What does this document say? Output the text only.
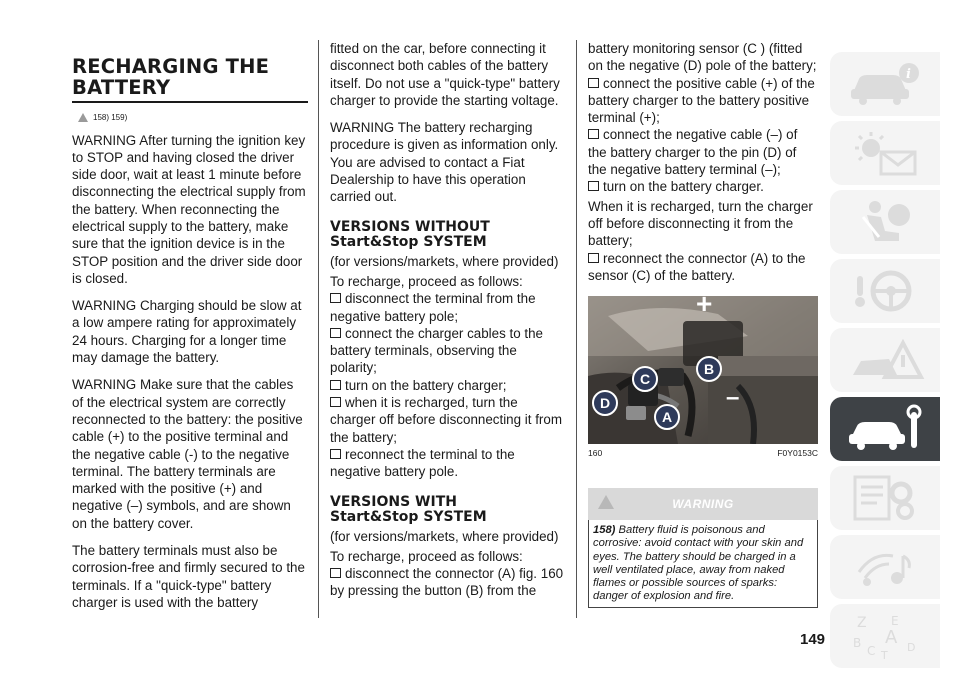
RECHARGING THE BATTERY
158) 159)

WARNING After turning the ignition key to STOP and having closed the driver side door, wait at least 1 minute before disconnecting the electrical supply from the battery. When reconnecting the electrical supply to the battery, make sure that the ignition device is in the STOP position and the driver side door is closed.

WARNING Charging should be slow at a low ampere rating for approximately 24 hours. Charging for a longer time may damage the battery.

WARNING Make sure that the cables of the electrical system are correctly reconnected to the battery: the positive cable (+) to the positive terminal and the negative cable (-) to the negative terminal. The battery terminals are marked with the positive (+) and negative (–) symbols, and are shown on the battery cover.

The battery terminals must also be corrosion-free and firmly secured to the terminals. If a "quick-type" battery charger is used with the battery

fitted on the car, before connecting it disconnect both cables of the battery itself. Do not use a "quick-type" battery charger to provide the starting voltage.

WARNING The battery recharging procedure is given as information only. You are advised to contact a Fiat Dealership to have this operation carried out.

VERSIONS WITHOUT
Start&Stop SYSTEM

(for versions/markets, where provided)

To recharge, proceed as follows:

disconnect the terminal from the negative battery pole;
connect the charger cables to the battery terminals, observing the polarity;
turn on the battery charger;
when it is recharged, turn the charger off before disconnecting it from the battery;
reconnect the terminal to the negative battery pole.
VERSIONS WITH
Start&Stop SYSTEM

(for versions/markets, where provided)

To recharge, proceed as follows:

disconnect the connector (A) fig. 160 by pressing the button (B) from the

battery monitoring sensor (C ) (fitted on the negative (D) pole of the battery;

connect the positive cable (+) of the battery charger to the battery positive terminal (+);
connect the negative cable (–) of the battery charger to the pin (D) of the negative battery terminal (–);
turn on the battery charger.

When it is recharged, turn the charger off before disconnecting it from the battery;

reconnect the connector (A) to the sensor (C) of the battery.
+
–
B
C
D
A
160	F0Y0153C
WARNING
158) Battery fluid is poisonous and corrosive: avoid contact with your skin and eyes. The battery should be charged in a well ventilated place, away from naked flames or possible sources of sparks: danger of explosion and fire.
149
i
Z E
A
B
C	D
T
